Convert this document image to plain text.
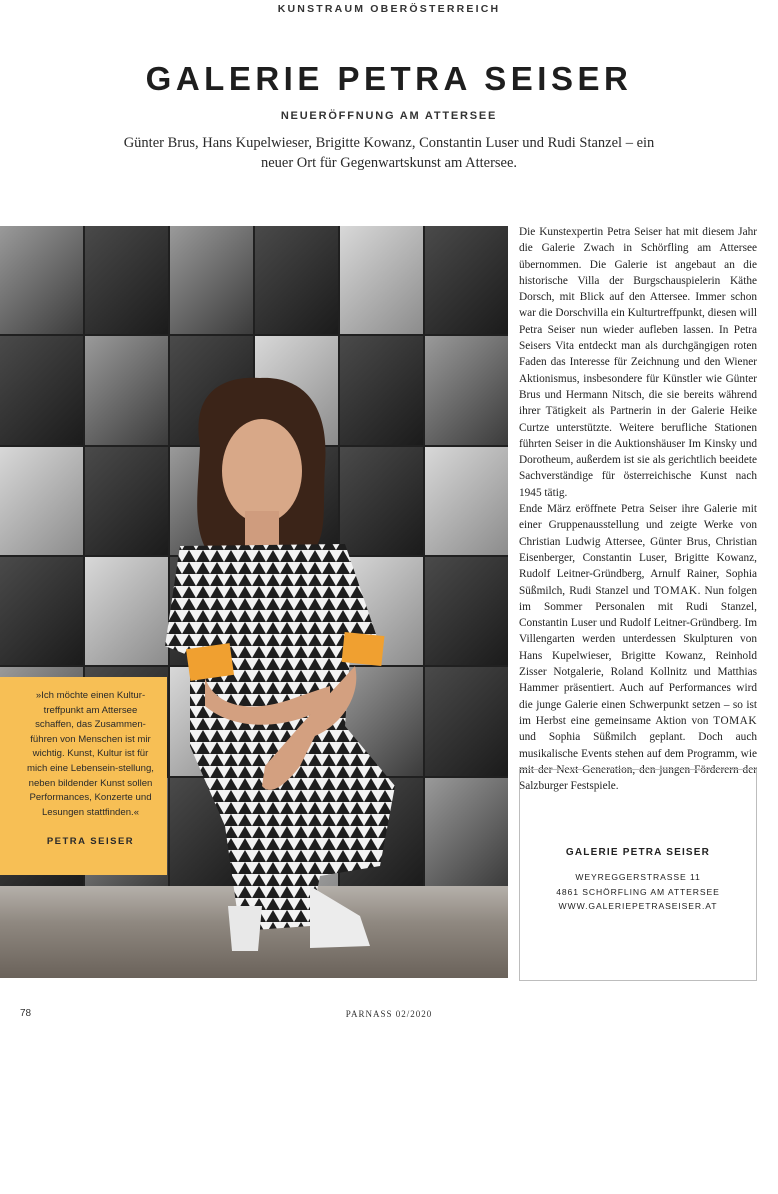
KUNSTRAUM OBERÖSTERREICH
GALERIE PETRA SEISER
NEUERÖFFNUNG AM ATTERSEE
Günter Brus, Hans Kupelwieser, Brigitte Kowanz, Constantin Luser und Rudi Stanzel – ein neuer Ort für Gegenwartskunst am Attersee.
PETRA SEISER | vor Rudi Stanzel, 1991 | Foto: Stefan Zauner
»Ich möchte einen Kultur-treffpunkt am Attersee schaffen, das Zusammen-führen von Menschen ist mir wichtig. Kunst, Kultur ist für mich eine Lebensein-stellung, neben bildender Kunst sollen Performances, Konzerte und Lesungen stattfinden.«
PETRA SEISER

Die Kunstexpertin Petra Seiser hat mit diesem Jahr die Galerie Zwach in Schörfling am Attersee übernommen. Die Galerie ist angebaut an die historische Villa der Burgschauspielerin Käthe Dorsch, mit Blick auf den Attersee. Immer schon war die Dorschvilla ein Kulturtreffpunkt, diesen will Petra Seiser nun wieder aufleben lassen. In Petra Seisers Vita entdeckt man als durchgängigen roten Faden das Interesse für Zeichnung und den Wiener Aktionismus, insbesondere für Künstler wie Günter Brus und Hermann Nitsch, die sie bereits während ihrer Tätigkeit als Partnerin in der Galerie Heike Curtze unterstützte. Weitere berufliche Stationen führten Seiser in die Auktionshäuser Im Kinsky und Dorotheum, außerdem ist sie als gerichtlich beeidete Sachverständige für österreichische Kunst nach 1945 tätig.

Ende März eröffnete Petra Seiser ihre Galerie mit einer Gruppenausstellung und zeigte Werke von Christian Ludwig Attersee, Günter Brus, Christian Eisenberger, Constantin Luser, Brigitte Kowanz, Rudolf Leitner-Gründberg, Arnulf Rainer, Sophia Süßmilch, Rudi Stanzel und TOMAK. Nun folgen im Sommer Personalen mit Rudi Stanzel, Constantin Luser und Rudolf Leitner-Gründberg. Im Villengarten werden unterdessen Skulpturen von Hans Kupelwieser, Brigitte Kowanz, Reinhold Zisser Notgalerie, Roland Kollnitz und Matthias Hammer präsentiert. Auch auf Performances wird die junge Galerie einen Schwerpunkt setzen – so ist im Herbst eine gemeinsame Aktion von TOMAK und Sophia Süßmilch geplant. Doch auch musikalische Events stehen auf dem Programm, wie mit der Next Generation, den jungen Förderern der Salzburger Festspiele.

GALERIE PETRA SEISER
WEYREGGERSTRASSE 11
4861 SCHÖRFLING AM ATTERSEE
WWW.GALERIEPETRASEISER.AT
78	PARNASS 02/2020
